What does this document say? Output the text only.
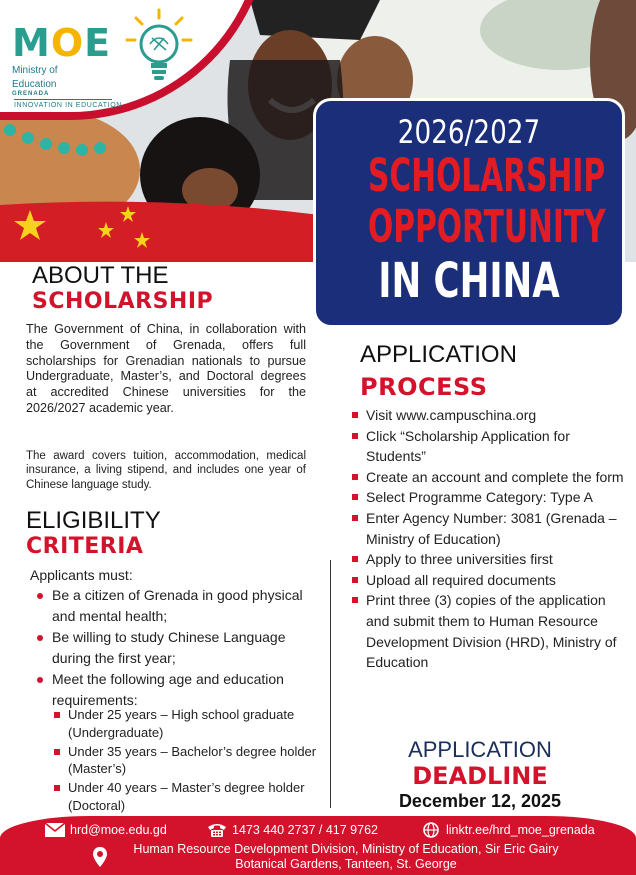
MOE
Ministry of
Education
GRENADA
INNOVATION IN EDUCATION
2026/2027
SCHOLARSHIP
OPPORTUNITY
IN CHINA
ABOUT THE
SCHOLARSHIP

The Government of China, in collaboration with the Government of Grenada, offers full scholarships for Grenadian nationals to pursue Undergraduate, Master’s, and Doctoral degrees at accredited Chinese universities for the 2026/2027 academic year.

The award covers tuition, accommodation, medical insurance, a living stipend, and includes one year of Chinese language study.

ELIGIBILITY
CRITERIA
Applicants must:
Be a citizen of Grenada in good physical and mental health;
Be willing to study Chinese Language during the first year;
Meet the following age and education requirements:
Under 25 years – High school graduate (Undergraduate)
Under 35 years – Bachelor’s degree holder (Master’s)
Under 40 years – Master’s degree holder (Doctoral)
APPLICATION
PROCESS
Visit www.campuschina.org
Click “Scholarship Application for Students”
Create an account and complete the form
Select Programme Category: Type A
Enter Agency Number: 3081 (Grenada – Ministry of Education)
Apply to three universities first
Upload all required documents
Print three (3) copies of the application and submit them to Human Resource Development Division (HRD), Ministry of Education
APPLICATION
DEADLINE
December 12, 2025
hrd@moe.edu.gd	1473 440 2737 / 417 9762	linktr.ee/hrd_moe_grenada
Human Resource Development Division, Ministry of Education, Sir Eric Gairy Botanical Gardens, Tanteen, St. George
